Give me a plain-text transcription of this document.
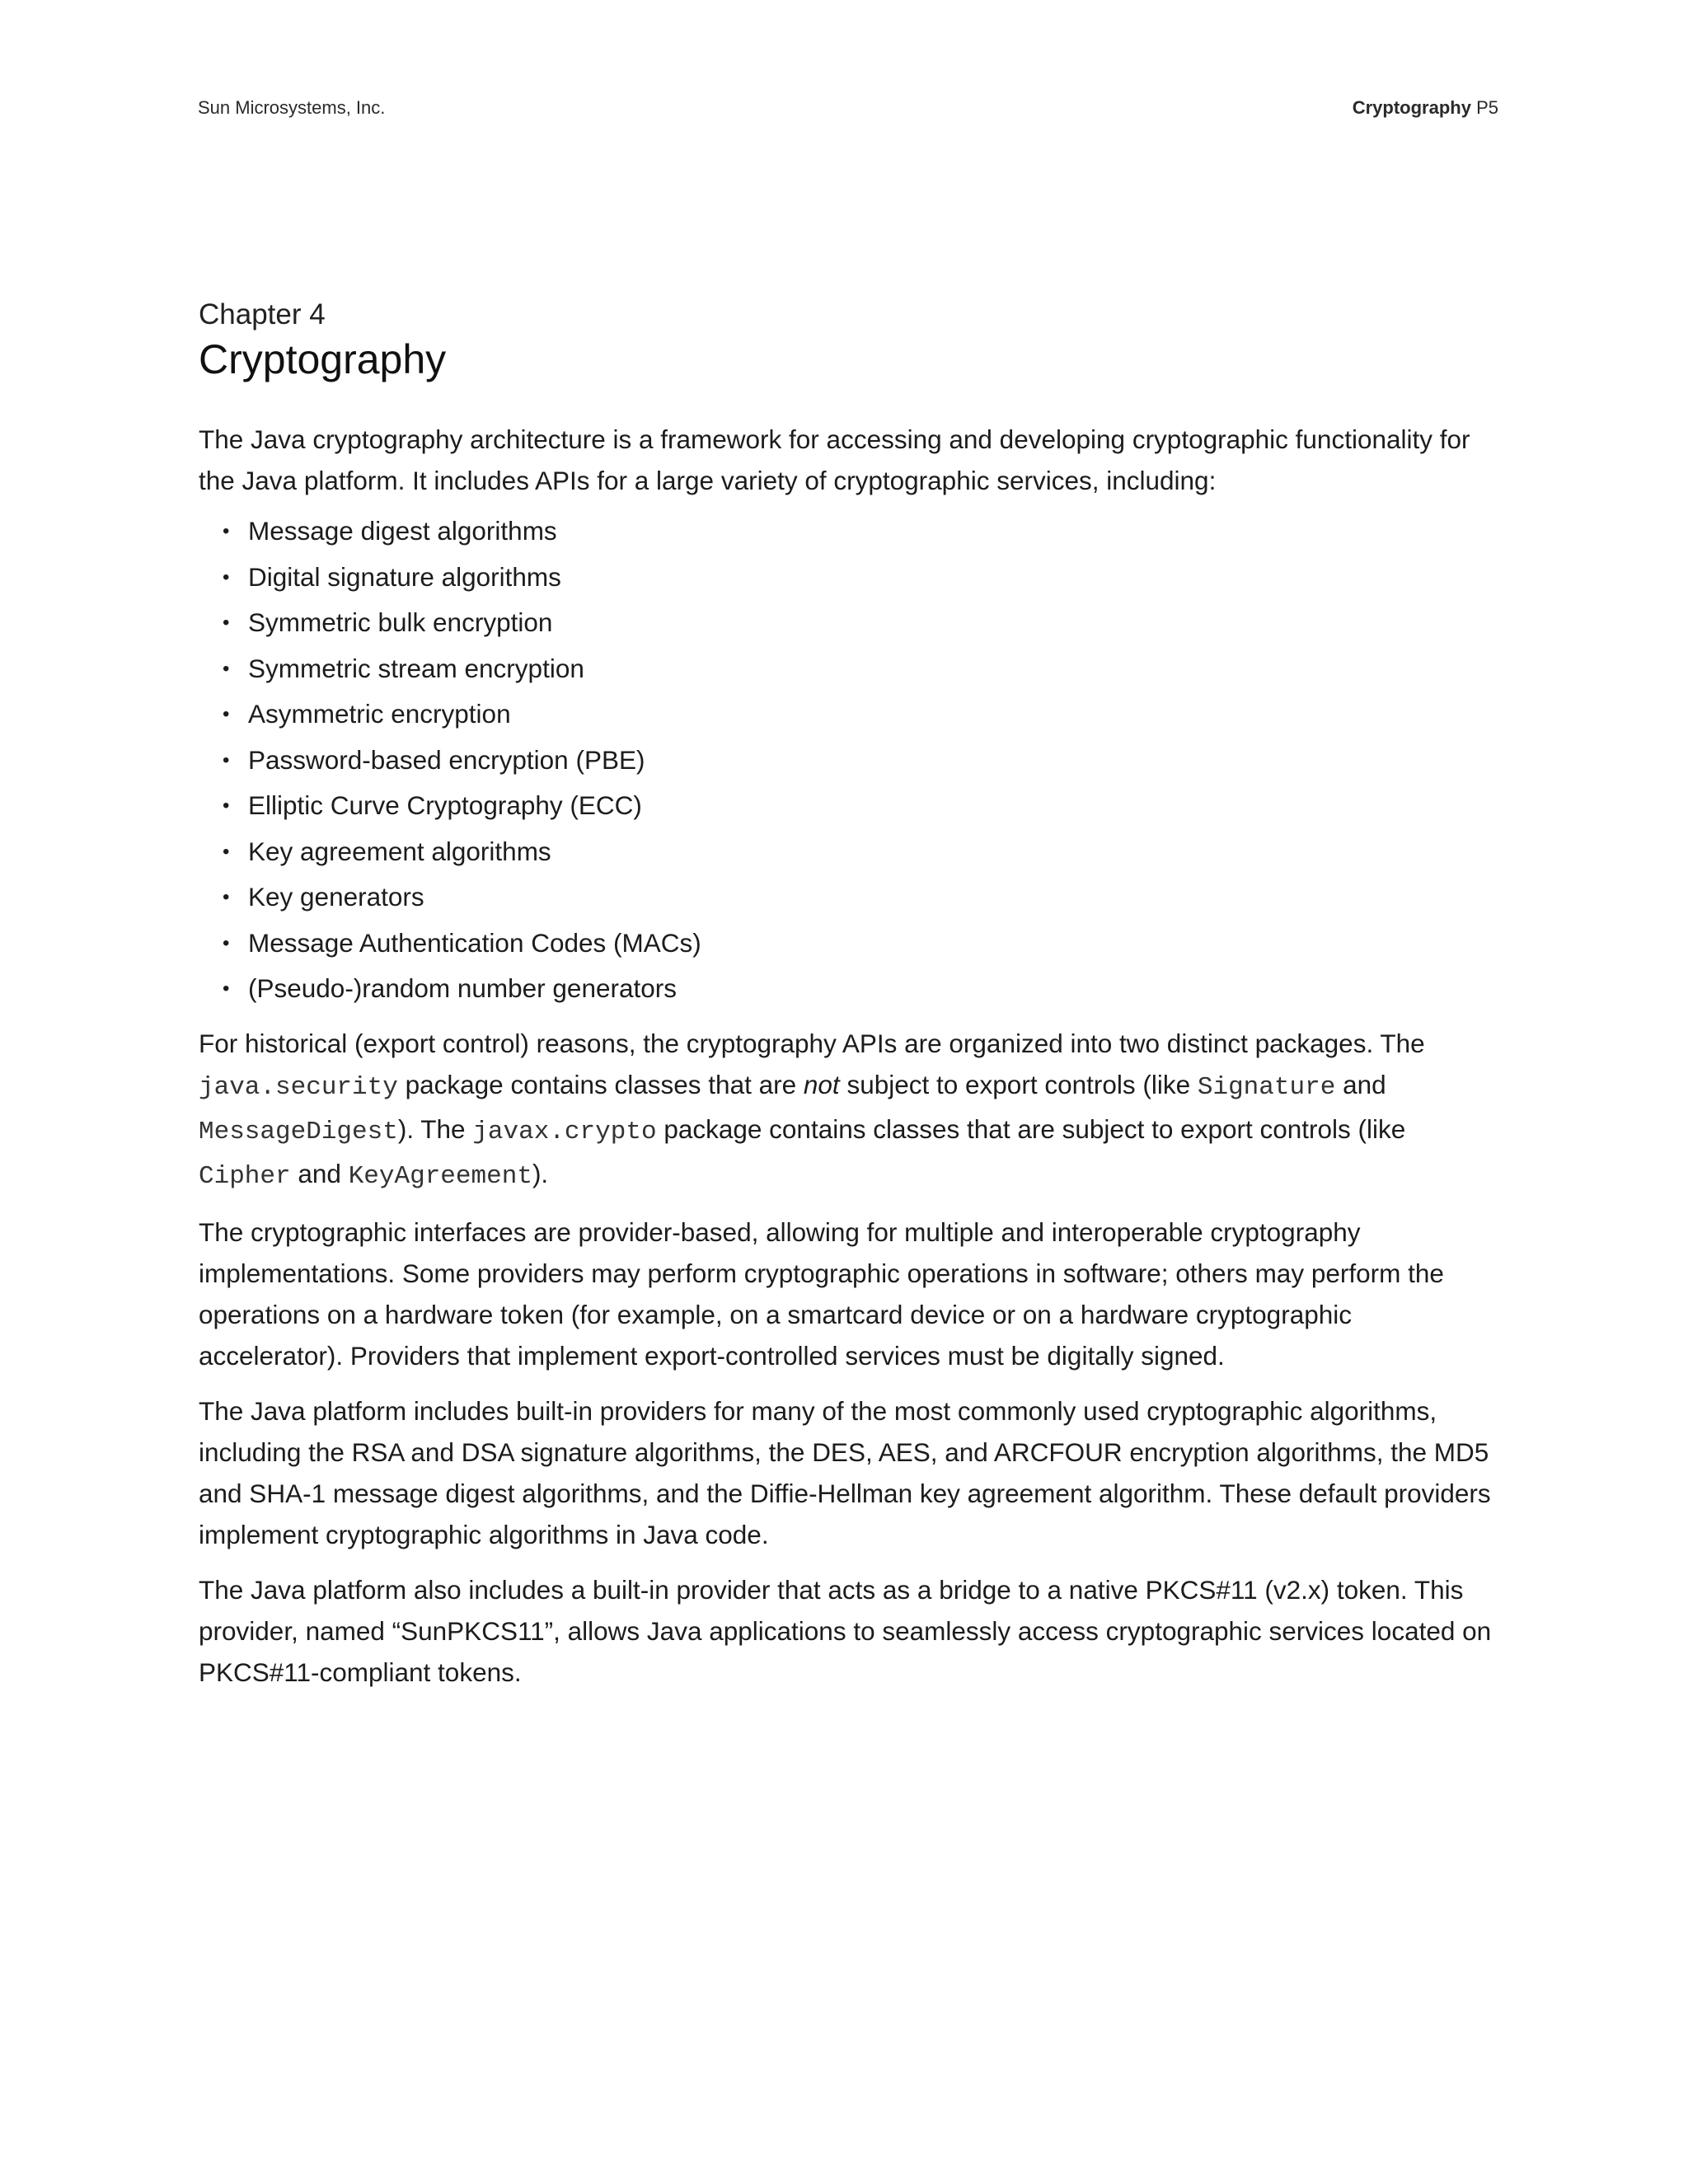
Sun Microsystems, Inc.	Cryptography P5
Chapter 4
Cryptography

The Java cryptography architecture is a framework for accessing and developing cryptographic functionality for the Java platform. It includes APIs for a large variety of cryptographic services, including:

• Message digest algorithms
• Digital signature algorithms
• Symmetric bulk encryption
• Symmetric stream encryption
• Asymmetric encryption
• Password-based encryption (PBE)
• Elliptic Curve Cryptography (ECC)
• Key agreement algorithms
• Key generators
• Message Authentication Codes (MACs)
• (Pseudo-)random number generators

For historical (export control) reasons, the cryptography APIs are organized into two distinct packages. The java.security package contains classes that are not subject to export controls (like Signature and MessageDigest). The javax.crypto package contains classes that are subject to export controls (like Cipher and KeyAgreement).

The cryptographic interfaces are provider-based, allowing for multiple and interoperable cryptography implementations. Some providers may perform cryptographic operations in software; others may perform the operations on a hardware token (for example, on a smartcard device or on a hardware cryptographic accelerator). Providers that implement export-controlled services must be digitally signed.

The Java platform includes built-in providers for many of the most commonly used cryptographic algorithms, including the RSA and DSA signature algorithms, the DES, AES, and ARCFOUR encryption algorithms, the MD5 and SHA-1 message digest algorithms, and the Diffie-Hellman key agreement algorithm. These default providers implement cryptographic algorithms in Java code.

The Java platform also includes a built-in provider that acts as a bridge to a native PKCS#11 (v2.x) token. This provider, named “SunPKCS11”, allows Java applications to seamlessly access cryptographic services located on PKCS#11-compliant tokens.
